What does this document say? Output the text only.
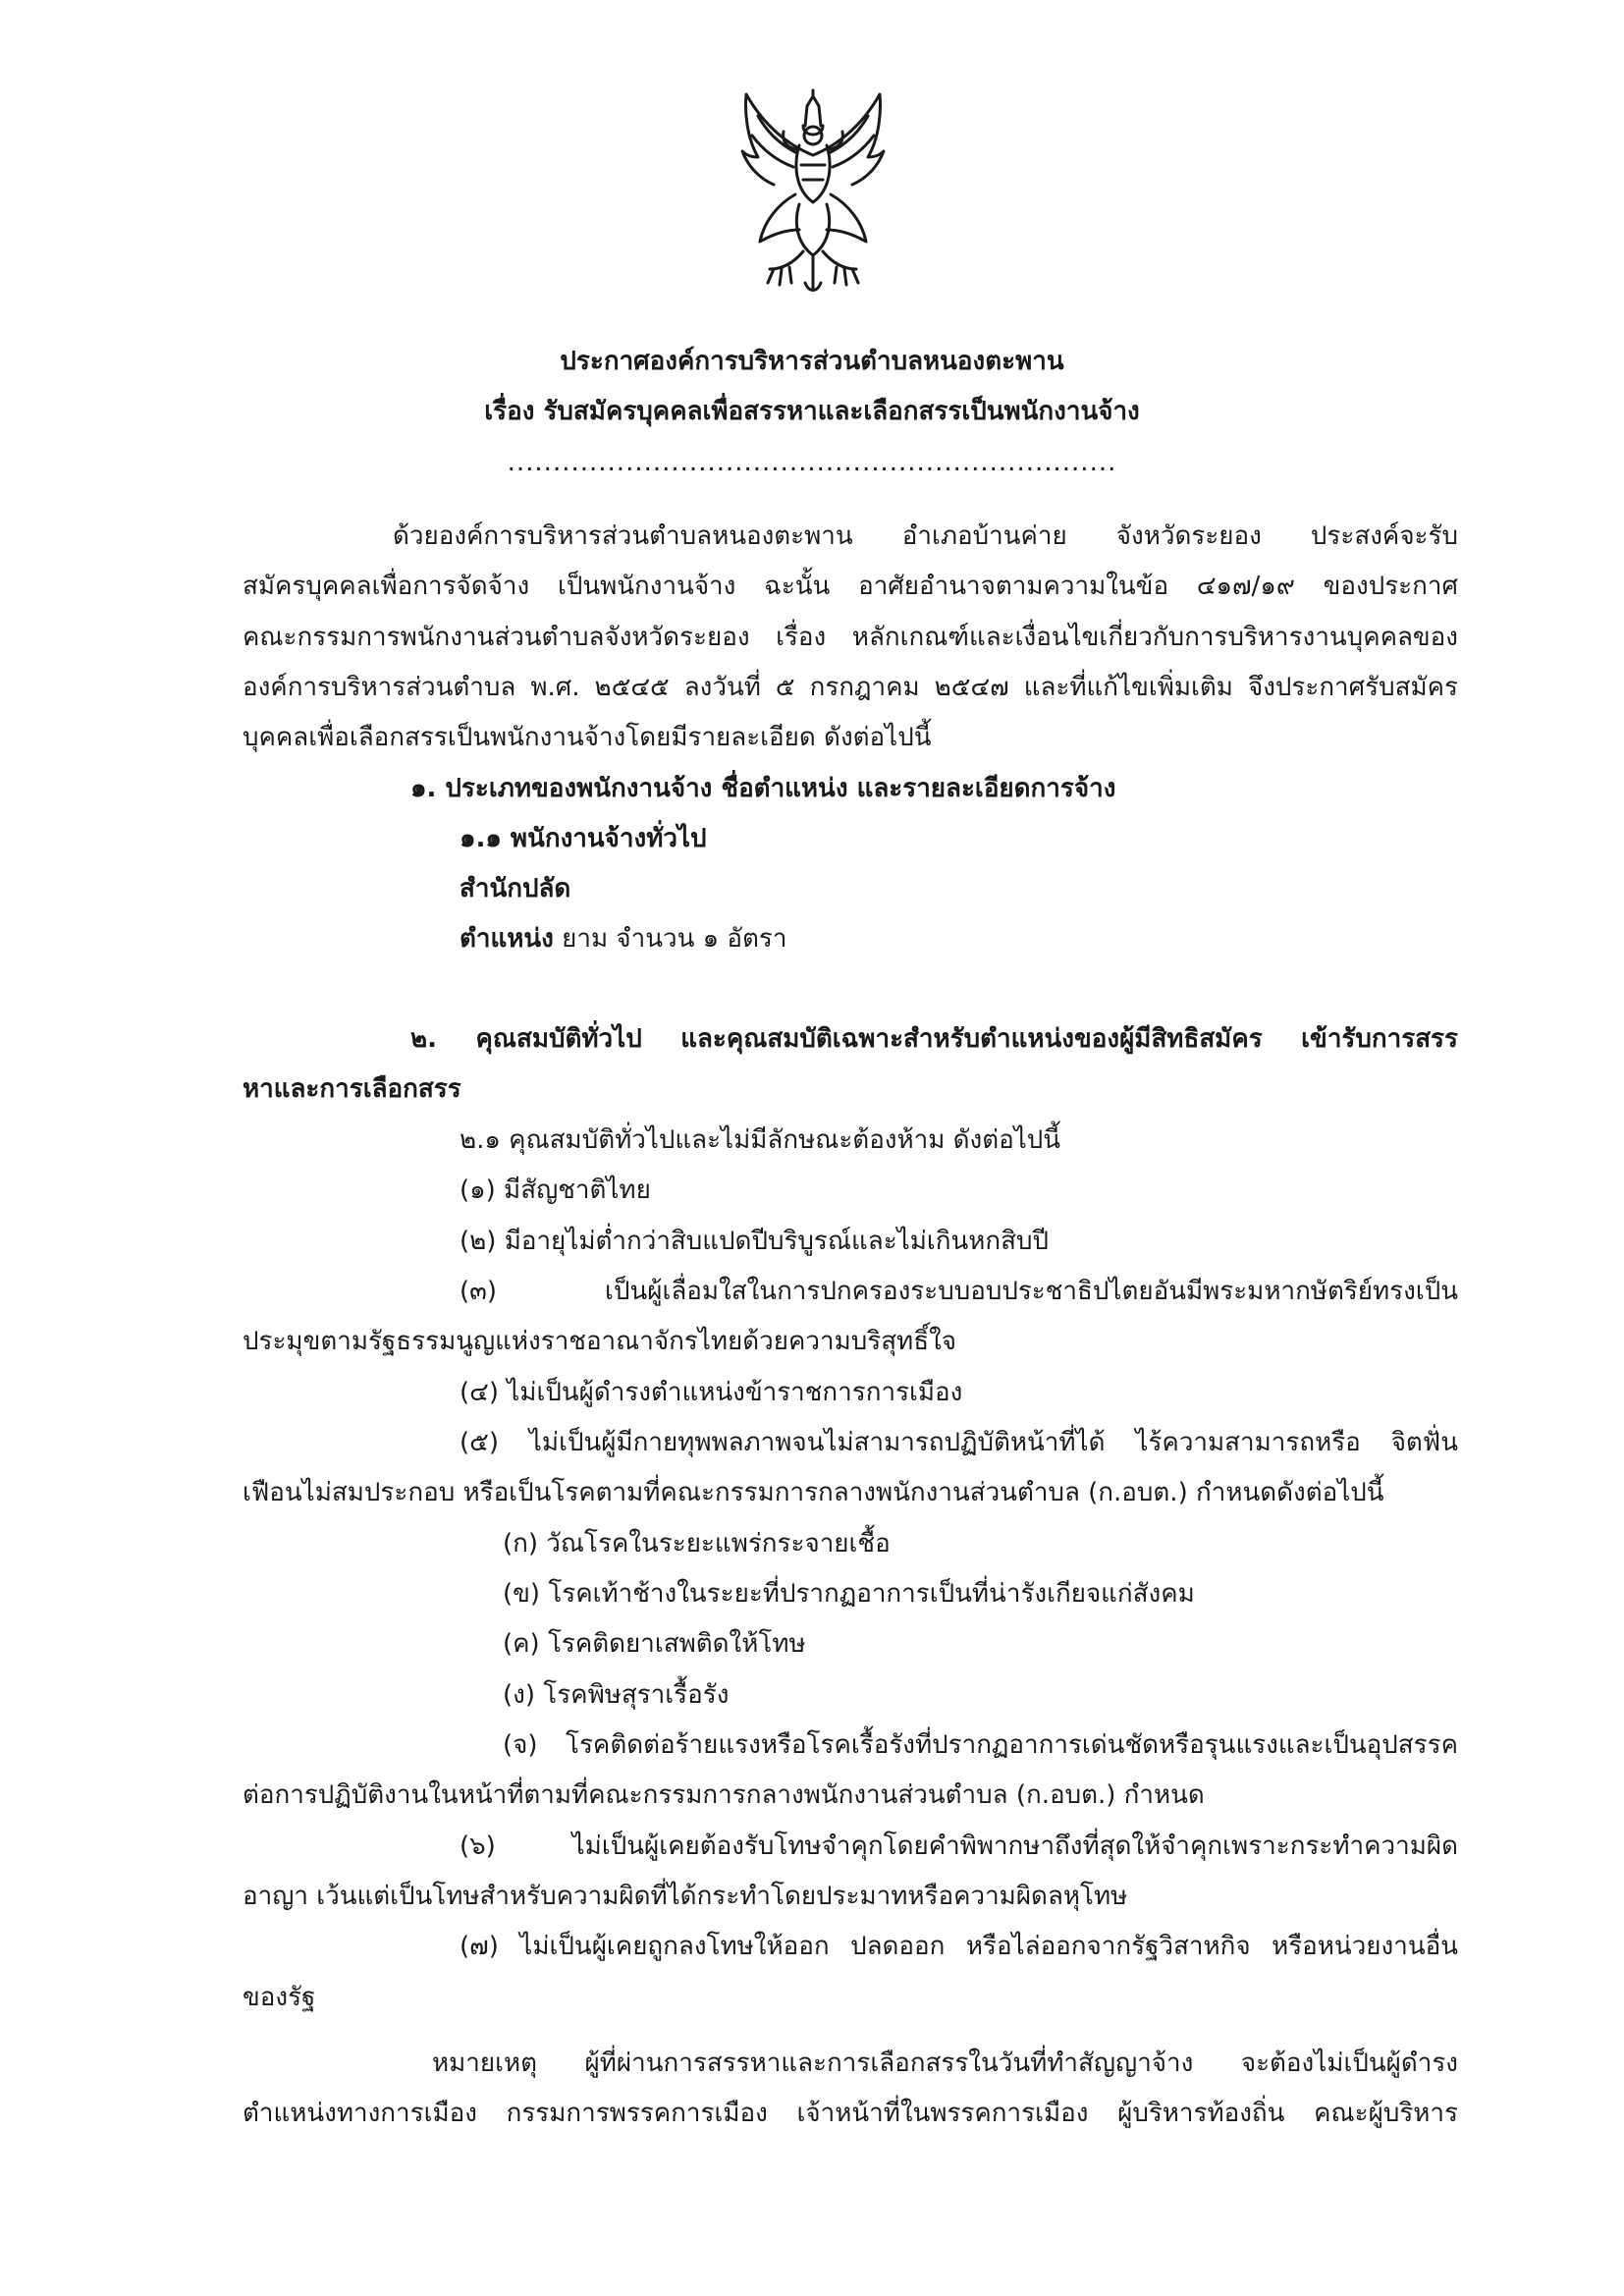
ประกาศองค์การบริหารส่วนตำบลหนองตะพาน
เรื่อง รับสมัครบุคคลเพื่อสรรหาและเลือกสรรเป็นพนักงานจ้าง
...................................................................
ด้วยองค์การบริหารส่วนตำบลหนองตะพาน อำเภอบ้านค่าย จังหวัดระยอง ประสงค์จะรับ
สมัครบุคคลเพื่อการจัดจ้าง เป็นพนักงานจ้าง ฉะนั้น อาศัยอำนาจตามความในข้อ ๔๑๗/๑๙ ของประกาศ
คณะกรรมการพนักงานส่วนตำบลจังหวัดระยอง เรื่อง หลักเกณฑ์และเงื่อนไขเกี่ยวกับการบริหารงานบุคคลของ
องค์การบริหารส่วนตำบล พ.ศ. ๒๕๔๕ ลงวันที่ ๕ กรกฎาคม ๒๕๔๗ และที่แก้ไขเพิ่มเติม จึงประกาศรับสมัคร
บุคคลเพื่อเลือกสรรเป็นพนักงานจ้างโดยมีรายละเอียด ดังต่อไปนี้
๑. ประเภทของพนักงานจ้าง ชื่อตำแหน่ง และรายละเอียดการจ้าง
๑.๑ พนักงานจ้างทั่วไป
สำนักปลัด
ตำแหน่ง ยาม จำนวน ๑ อัตรา
๒. คุณสมบัติทั่วไป และคุณสมบัติเฉพาะสำหรับตำแหน่งของผู้มีสิทธิสมัคร เข้ารับการสรร
หาและการเลือกสรร
๒.๑ คุณสมบัติทั่วไปและไม่มีลักษณะต้องห้าม ดังต่อไปนี้
(๑) มีสัญชาติไทย
(๒) มีอายุไม่ต่ำกว่าสิบแปดปีบริบูรณ์และไม่เกินหกสิบปี
(๓) เป็นผู้เลื่อมใสในการปกครองระบบอบประชาธิปไตยอันมีพระมหากษัตริย์ทรงเป็น
ประมุขตามรัฐธรรมนูญแห่งราชอาณาจักรไทยด้วยความบริสุทธิ์ใจ
(๔) ไม่เป็นผู้ดำรงตำแหน่งข้าราชการการเมือง
(๕) ไม่เป็นผู้มีกายทุพพลภาพจนไม่สามารถปฏิบัติหน้าที่ได้ ไร้ความสามารถหรือ จิตฟั่น
เฟือนไม่สมประกอบ หรือเป็นโรคตามที่คณะกรรมการกลางพนักงานส่วนตำบล (ก.อบต.) กำหนดดังต่อไปนี้
(ก) วัณโรคในระยะแพร่กระจายเชื้อ
(ข) โรคเท้าช้างในระยะที่ปรากฏอาการเป็นที่น่ารังเกียจแก่สังคม
(ค) โรคติดยาเสพติดให้โทษ
(ง) โรคพิษสุราเรื้อรัง
(จ) โรคติดต่อร้ายแรงหรือโรคเรื้อรังที่ปรากฏอาการเด่นชัดหรือรุนแรงและเป็นอุปสรรค
ต่อการปฏิบัติงานในหน้าที่ตามที่คณะกรรมการกลางพนักงานส่วนตำบล (ก.อบต.) กำหนด
(๖) ไม่เป็นผู้เคยต้องรับโทษจำคุกโดยคำพิพากษาถึงที่สุดให้จำคุกเพราะกระทำความผิด
อาญา เว้นแต่เป็นโทษสำหรับความผิดที่ได้กระทำโดยประมาทหรือความผิดลหุโทษ
(๗) ไม่เป็นผู้เคยถูกลงโทษให้ออก ปลดออก หรือไล่ออกจากรัฐวิสาหกิจ หรือหน่วยงานอื่น
ของรัฐ
หมายเหตุ ผู้ที่ผ่านการสรรหาและการเลือกสรรในวันที่ทำสัญญาจ้าง จะต้องไม่เป็นผู้ดำรง
ตำแหน่งทางการเมือง กรรมการพรรคการเมือง เจ้าหน้าที่ในพรรคการเมือง ผู้บริหารท้องถิ่น คณะผู้บริหาร
